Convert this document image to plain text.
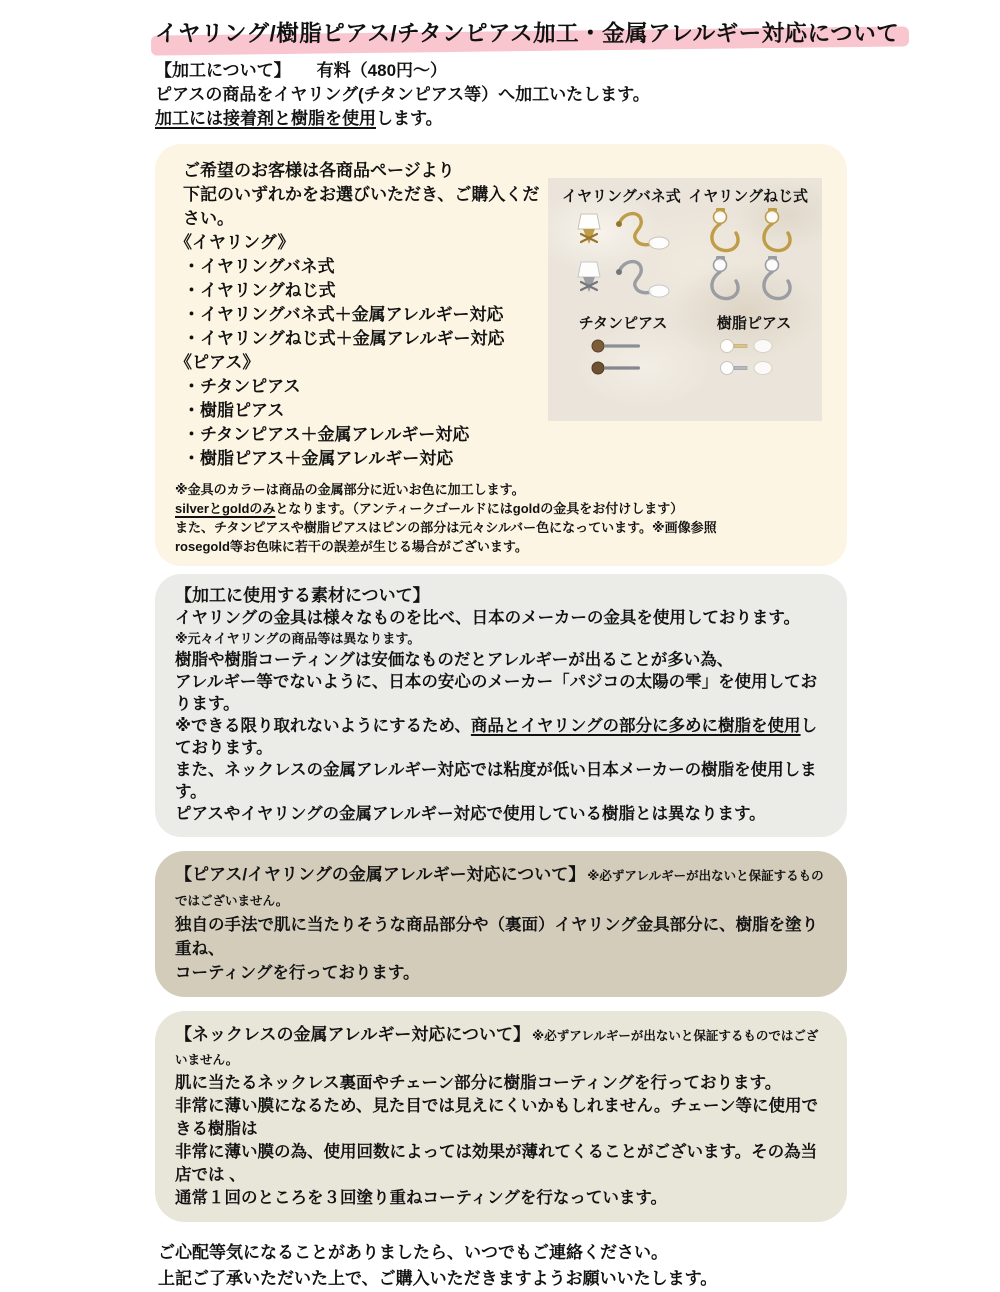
イヤリング/樹脂ピアス/チタンピアス加工・金属アレルギー対応について
【加工について】 有料（480円～）
ピアスの商品をイヤリング(チタンピアス等）へ加工いたします。
加工には接着剤と樹脂を使用します。
ご希望のお客様は各商品ページより
下記のいずれかをお選びいただき、ご購入ください。
《イヤリング》
・イヤリングバネ式
・イヤリングねじ式
・イヤリングバネ式＋金属アレルギー対応
・イヤリングねじ式＋金属アレルギー対応
《ピアス》
・チタンピアス
・樹脂ピアス
・チタンピアス＋金属アレルギー対応
・樹脂ピアス＋金属アレルギー対応
イヤリングバネ式 イヤリングねじ式
チタンピアス	樹脂ピアス
※金具のカラーは商品の金属部分に近いお色に加工します。
silverとgoldのみとなります。（アンティークゴールドにはgoldの金具をお付けします）
また、チタンピアスや樹脂ピアスはピンの部分は元々シルバー色になっています。※画像参照
rosegold等お色味に若干の誤差が生じる場合がございます。
【加工に使用する素材について】
イヤリングの金具は様々なものを比べ、日本のメーカーの金具を使用しております。
※元々イヤリングの商品等は異なります。
樹脂や樹脂コーティングは安価なものだとアレルギーが出ることが多い為、
アレルギー等でないように、日本の安心のメーカー「パジコの太陽の雫」を使用しております。
※できる限り取れないようにするため、商品とイヤリングの部分に多めに樹脂を使用しております。
また、ネックレスの金属アレルギー対応では粘度が低い日本メーカーの樹脂を使用します。
ピアスやイヤリングの金属アレルギー対応で使用している樹脂とは異なります。
【ピアス/イヤリングの金属アレルギー対応について】 ※必ずアレルギーが出ないと保証するものではございません。
独自の手法で肌に当たりそうな商品部分や（裏面）イヤリング金具部分に、樹脂を塗り重ね、
コーティングを行っております。
【ネックレスの金属アレルギー対応について】 ※必ずアレルギーが出ないと保証するものではございません。
肌に当たるネックレス裏面やチェーン部分に樹脂コーティングを行っております。
非常に薄い膜になるため、見た目では見えにくいかもしれません。チェーン等に使用できる樹脂は
非常に薄い膜の為、使用回数によっては効果が薄れてくることがございます。その為当店では 、
通常１回のところを３回塗り重ねコーティングを行なっています。
ご心配等気になることがありましたら、いつでもご連絡ください。
上記ご了承いただいた上で、ご購入いただきますようお願いいたします。
